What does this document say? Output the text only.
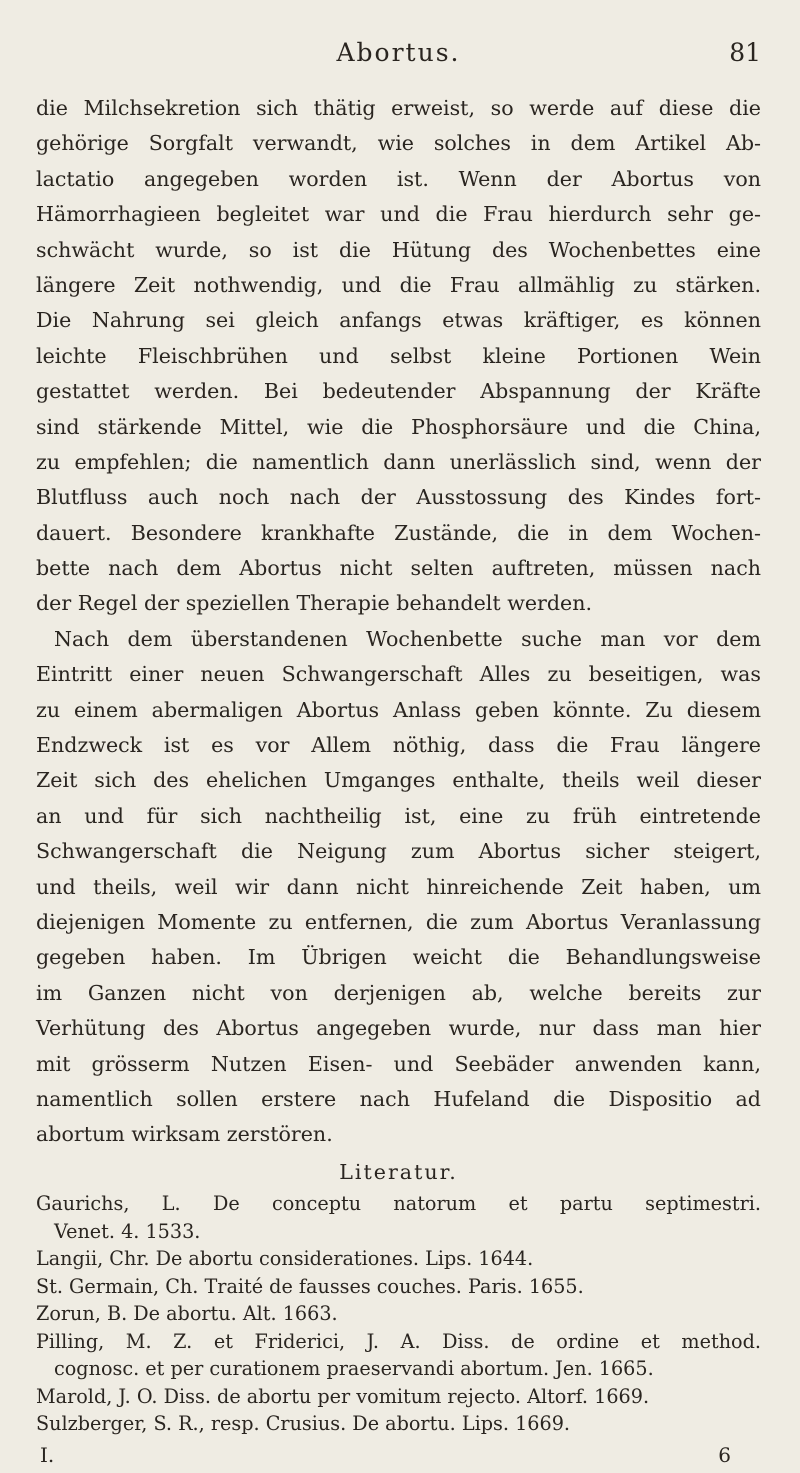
Abortus.	81
die Milchsekretion sich thätig erweist, so werde auf diese die
gehörige Sorgfalt verwandt, wie solches in dem Artikel Ab-
lactatio angegeben worden ist. Wenn der Abortus von
Hämorrhagieen begleitet war und die Frau hierdurch sehr ge-
schwächt wurde, so ist die Hütung des Wochenbettes eine
längere Zeit nothwendig, und die Frau allmählig zu stärken.
Die Nahrung sei gleich anfangs etwas kräftiger, es können
leichte Fleischbrühen und selbst kleine Portionen Wein
gestattet werden. Bei bedeutender Abspannung der Kräfte
sind stärkende Mittel, wie die Phosphorsäure und die China,
zu empfehlen; die namentlich dann unerlässlich sind, wenn der
Blutfluss auch noch nach der Ausstossung des Kindes fort-
dauert. Besondere krankhafte Zustände, die in dem Wochen-
bette nach dem Abortus nicht selten auftreten, müssen nach
der Regel der speziellen Therapie behandelt werden.
Nach dem überstandenen Wochenbette suche man vor dem
Eintritt einer neuen Schwangerschaft Alles zu beseitigen, was
zu einem abermaligen Abortus Anlass geben könnte. Zu diesem
Endzweck ist es vor Allem nöthig, dass die Frau längere
Zeit sich des ehelichen Umganges enthalte, theils weil dieser
an und für sich nachtheilig ist, eine zu früh eintretende
Schwangerschaft die Neigung zum Abortus sicher steigert,
und theils, weil wir dann nicht hinreichende Zeit haben, um
diejenigen Momente zu entfernen, die zum Abortus Veranlassung
gegeben haben. Im Übrigen weicht die Behandlungsweise
im Ganzen nicht von derjenigen ab, welche bereits zur
Verhütung des Abortus angegeben wurde, nur dass man hier
mit grösserm Nutzen Eisen- und Seebäder anwenden kann,
namentlich sollen erstere nach Hufeland die Dispositio ad
abortum wirksam zerstören.
Literatur.
Gaurichs, L. De conceptu natorum et partu septimestri.
Venet. 4. 1533.
Langii, Chr. De abortu considerationes. Lips. 1644.
St. Germain, Ch. Traité de fausses couches. Paris. 1655.
Zorun, B. De abortu. Alt. 1663.
Pilling, M. Z. et Friderici, J. A. Diss. de ordine et method.
cognosc. et per curationem praeservandi abortum. Jen. 1665.
Marold, J. O. Diss. de abortu per vomitum rejecto. Altorf. 1669.
Sulzberger, S. R., resp. Crusius. De abortu. Lips. 1669.
I.	6
